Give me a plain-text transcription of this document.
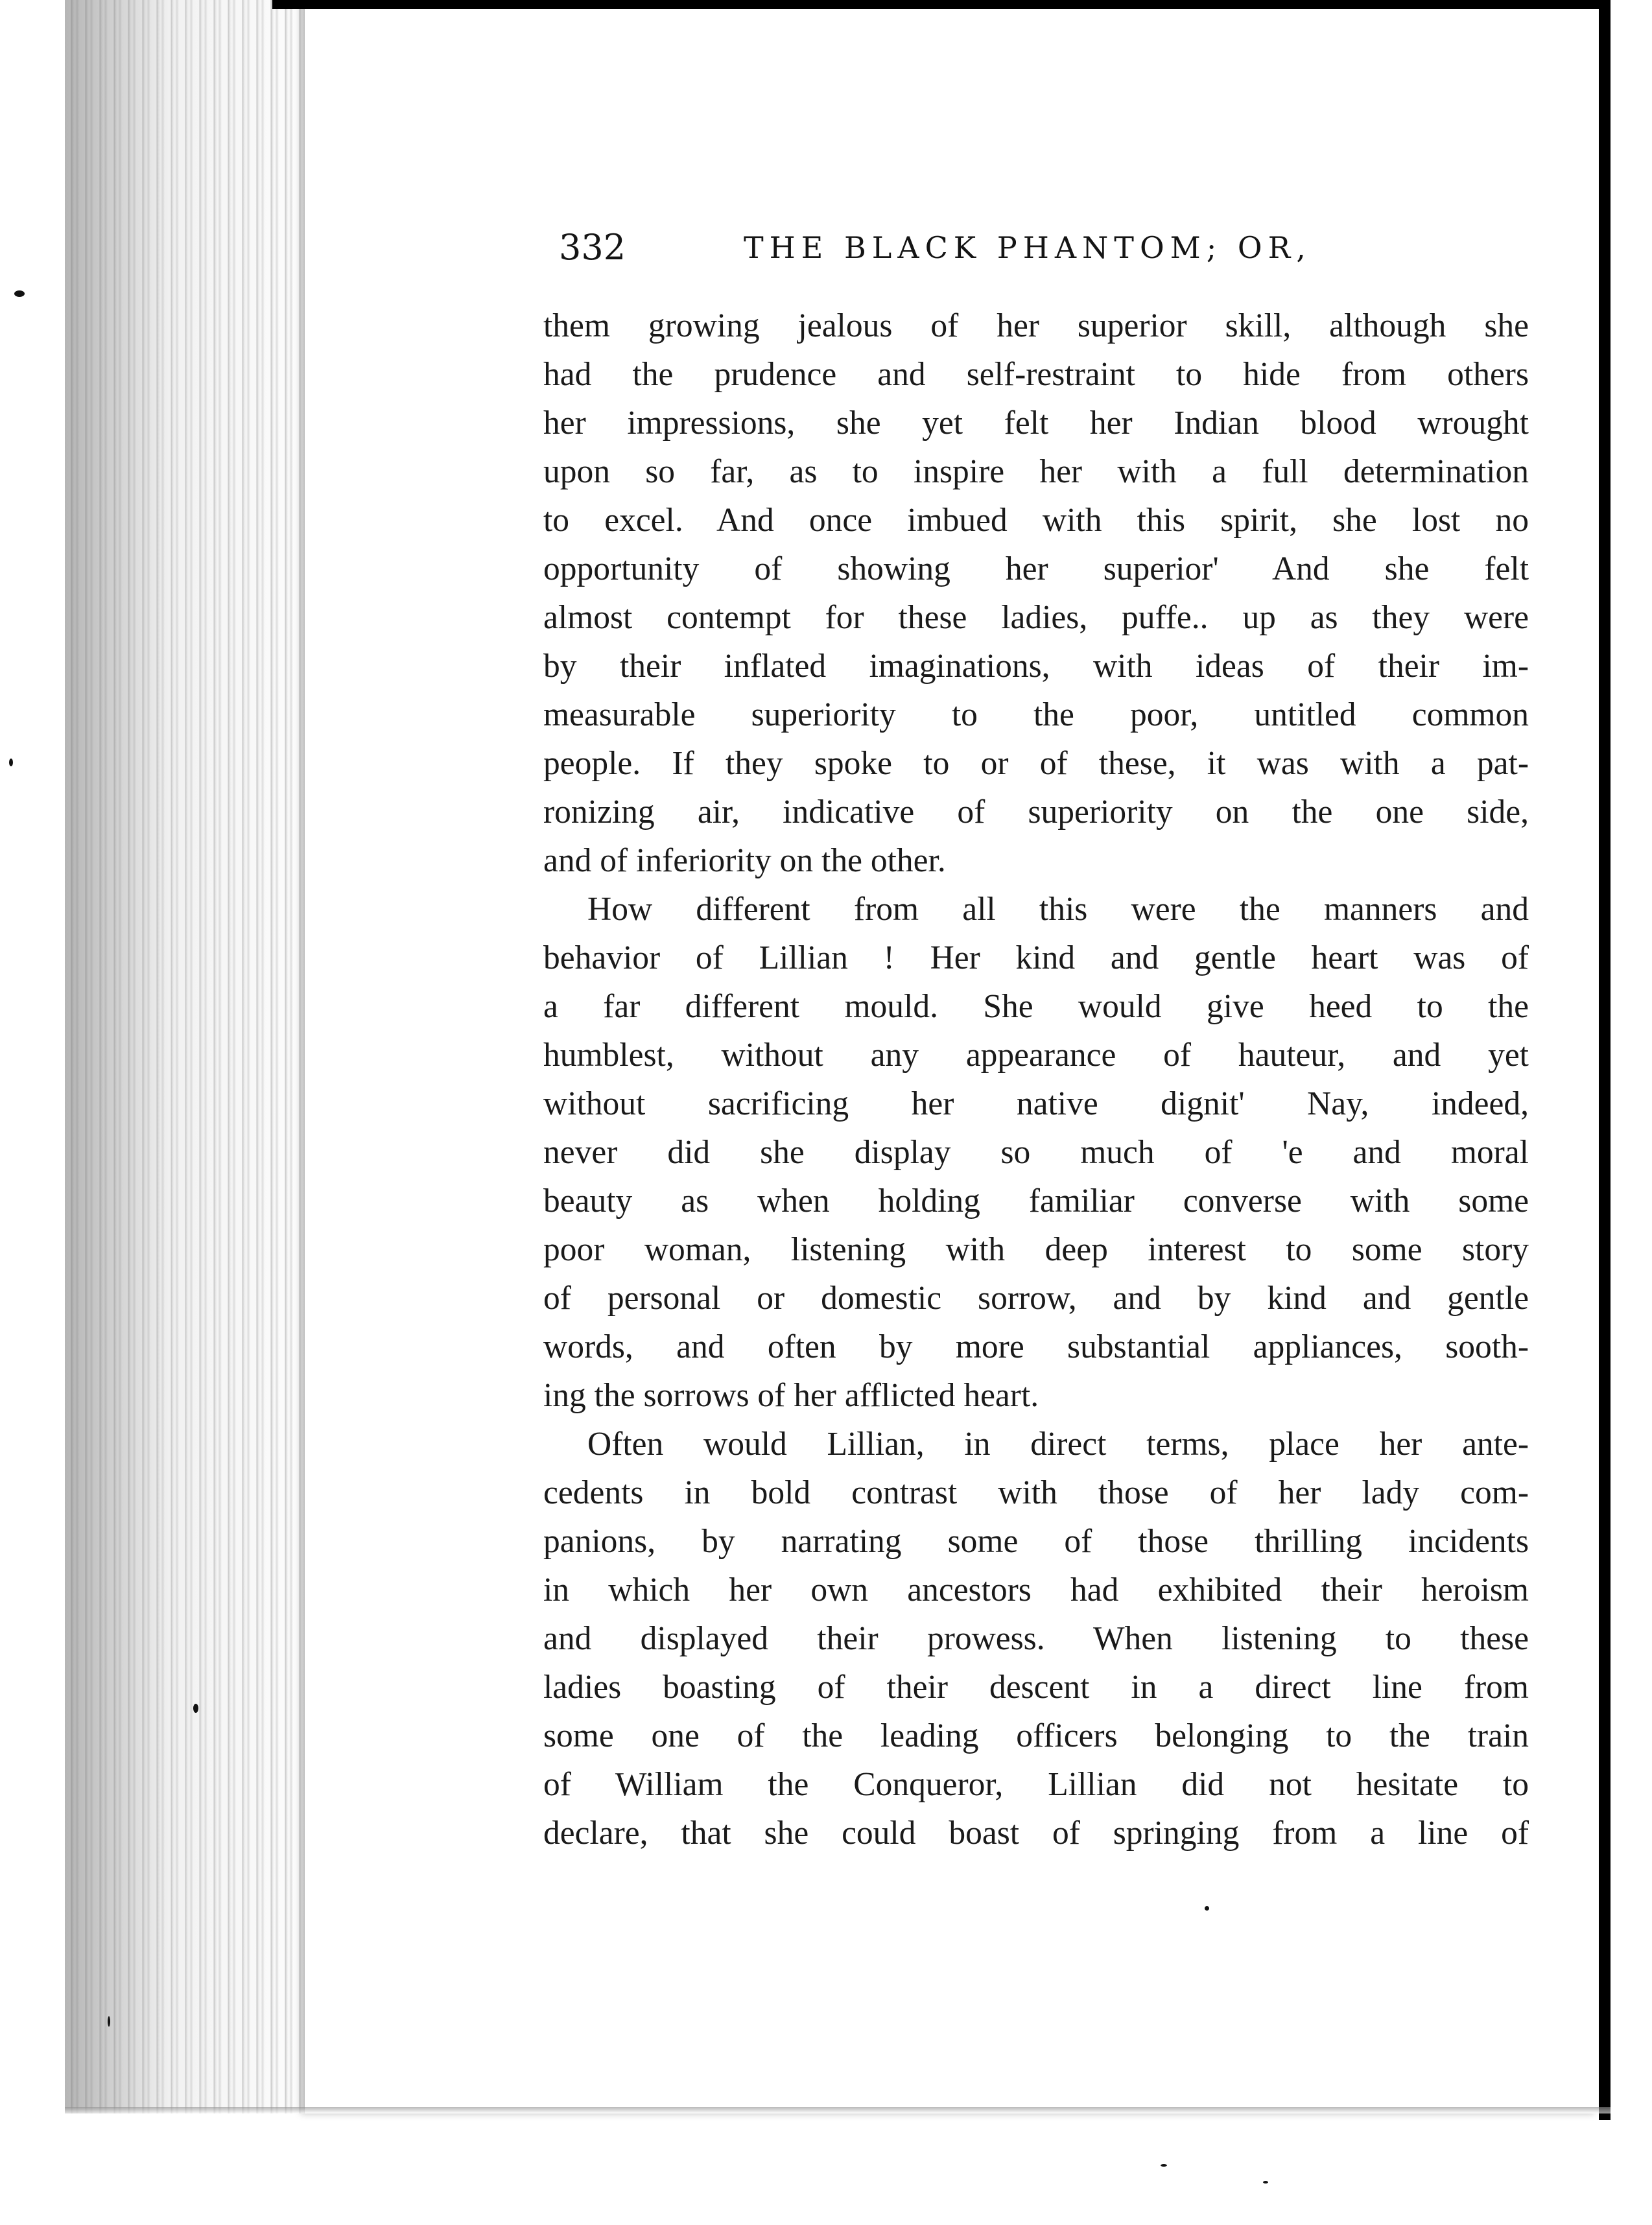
332	THE BLACK PHANTOM; OR,
them growing jealous of her superior skill, although she
had the prudence and self-restraint to hide from others
her impressions, she yet felt her Indian blood wrought
upon so far, as to inspire her with a full determination
to excel. And once imbued with this spirit, she lost no
opportunity of showing her superior' And she felt
almost contempt for these ladies, puffe.. up as they were
by their inflated imaginations, with ideas of their im-
measurable superiority to the poor, untitled common
people. If they spoke to or of these, it was with a pat-
ronizing air, indicative of superiority on the one side,
and of inferiority on the other.
How different from all this were the manners and
behavior of Lillian ! Her kind and gentle heart was of
a far different mould. She would give heed to the
humblest, without any appearance of hauteur, and yet
without sacrificing her native dignit' Nay, indeed,
never did she display so much of 'e and moral
beauty as when holding familiar converse with some
poor woman, listening with deep interest to some story
of personal or domestic sorrow, and by kind and gentle
words, and often by more substantial appliances, sooth-
ing the sorrows of her afflicted heart.
Often would Lillian, in direct terms, place her ante-
cedents in bold contrast with those of her lady com-
panions, by narrating some of those thrilling incidents
in which her own ancestors had exhibited their heroism
and displayed their prowess. When listening to these
ladies boasting of their descent in a direct line from
some one of the leading officers belonging to the train
of William the Conqueror, Lillian did not hesitate to
declare, that she could boast of springing from a line of
